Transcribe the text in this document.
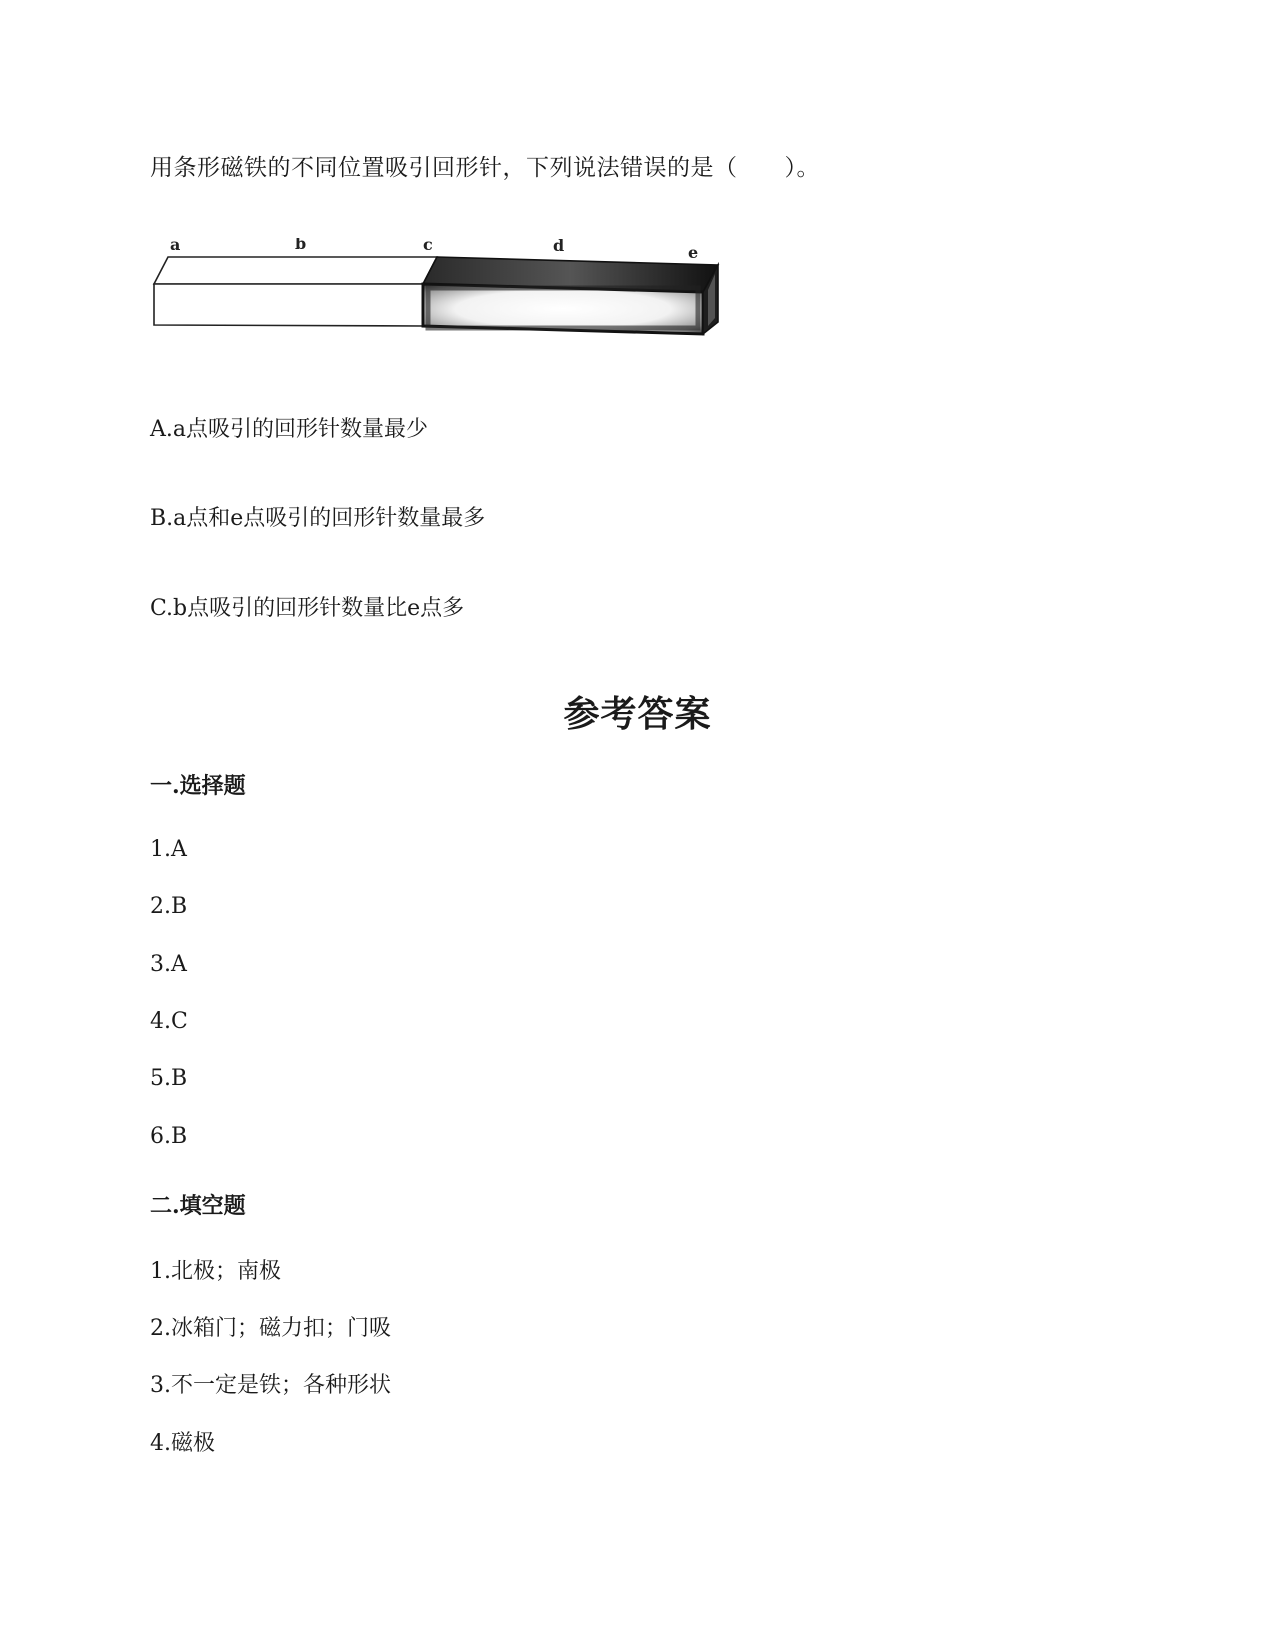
用条形磁铁的不同位置吸引回形针，下列说法错误的是（　　）。
a	b	c	d	e
A.a点吸引的回形针数量最少
B.a点和e点吸引的回形针数量最多
C.b点吸引的回形针数量比e点多
参考答案
一.选择题
1.A
2.B
3.A
4.C
5.B
6.B
二.填空题
1.北极；南极
2.冰箱门；磁力扣；门吸
3.不一定是铁；各种形状
4.磁极
